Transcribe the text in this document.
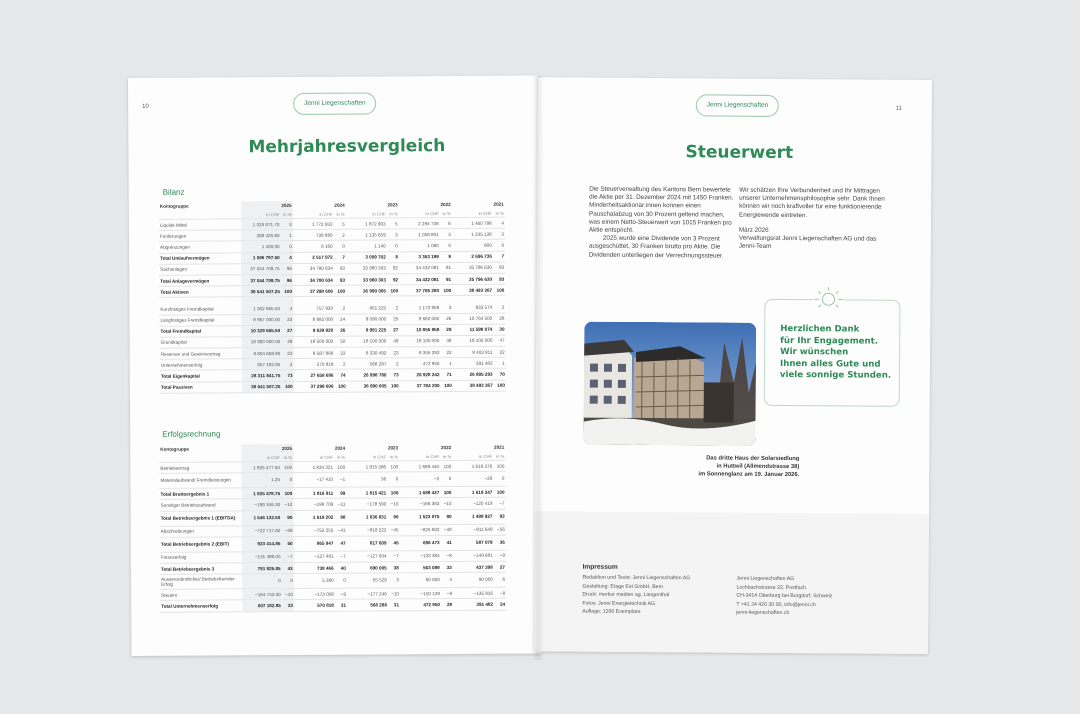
10	Jenni Liegenschaften
Mehrjahresvergleich
Bilanz
Kontogruppe		2025		2024		2023		2022		2021
	in CHF	in %	in CHF	in %	in CHF	in %	in CHF	in %	in CHF	in %
Liquide Mittel	1 326 871.70	3	1 772 932	5	1 872 903	5	2 294 738	6	1 460 798	4
Forderungen	368 425.80	1	738 880	2	1 135 659	3	1 058 801	3	1 235 138	3
Abgrenzungen	1 400.00	0	6 160	0	1 140	0	1 080	0	800	0
Total Umlaufvermögen	1 596 797.50	4	2 517 972	7	3 009 702	8	3 353 199	9	2 696 736	7
Sachanlagen	37 044 709.75	96	34 780 634	93	33 980 303	92	34 432 081	91	35 796 630	93
Total Anlagevermögen	37 044 709.75	96	34 780 634	93	33 980 303	92	34 432 081	91	35 796 630	93
Total Aktiven	38 641 507.25	100	37 298 606	100	36 990 005	100	37 785 280	100	38 493 367	100

Kurzfristiges Fremdkapital	1 362 665.50	4	757 920	2	901 225	2	1 173 958	3	833 574	2
Langfristiges Fremdkapital	8 967 000.00	23	8 882 000	24	9 090 000	25	9 682 000	26	10 764 500	28
Total Fremdkapital	10 329 665.50	27	9 639 920	26	9 991 225	27	10 855 958	29	11 598 074	30
Grundkapital	18 900 000.00	49	18 500 000	50	18 100 000	49	18 100 000	48	18 100 000	47
Reserven und Gewinnvortrag	8 804 658.90	23	8 587 868	23	8 330 492	23	8 355 293	22	8 403 811	22
Unternehmenserfolg	607 182.85	2	570 818	2	568 287	2	472 950	1	391 482	1
Total Eigenkapital	28 311 841.75	73	27 658 686	74	26 998 780	73	26 928 242	71	26 895 293	70
Total Passiven	38 641 507.25	100	37 298 606	100	36 990 005	100	37 784 200	100	38 493 367	100
Erfolgsrechnung
Kontogruppe		2025		2024		2023		2022		2021
	in CHF	in %	in CHF	in %	in CHF	in %	in CHF	in %	in CHF	in %
Betriebsertrag	1 835 477.50	100	1 834 321	100	1 815 386	100	1 689 440	100	1 619 376	100
Materialaufwand/ Fremdleistungen	1.25	0	−17 410	−1	36	0	−2	0	−29	0
Total Bruttoergebnis 1	1 835 478.75	100	1 816 911	99	1 815 421	100	1 689 437	100	1 619 347	100
Sonstiger Betriebsaufwand	−189 346.30	−10	−198 709	−11	−178 590	−10	−166 363	−10	−120 419	−7
Total Betriebsergebnis 1 (EBITDA)	1 646 132.50	90	1 618 202	88	1 636 831	90	1 523 075	90	1 498 927	93
Abschreibungen	−722 717.60	−39	−752 255	−41	−818 222	−45	−826 602	−49	−911 649	−56
Total Betriebsergebnis 2 (EBIT)	923 414.85	50	865 947	47	817 609	45	696 473	41	587 079	36
Finanzerfolg	−131 489.00	−7	−127 481	−7	−127 604	−7	−133 384	−8	−149 681	−9
Total Betriebsergebnis 3	791 925.85	43	738 466	40	690 005	38	563 089	33	437 398	27
Ausserordentlicher/ Betriebsfremder Erfolg	0	0	5 360	0	55 529	3	60 000	4	90 000	6
Steuern	−184 743.00	−10	−173 008	−9	−177 246	−10	−150 139	−9	−135 916	−8
Total Unternehmenserfolg	607 182.85	33	570 818	31	568 288	31	472 950	28	391 482	24
Jenni Liegenschaften	11
Steuerwert
Die Steuerverwaltung des Kantons Bern bewertete die Aktie per 31. Dezember 2024 mit 1450 Franken. Minderheitsaktionär:innen konnen einen Pauschalabzug von 30 Prozent geltend machen, was einem Netto-Steuerwert von 1015 Franken pro Aktie entspricht.
2025 wurde eine Dividende von 3 Prozent ausgeschüttet, 30 Franken brutto pro Aktie. Die Dividenden unterliegen der Verrechnungssteuer.
Wir schätzen Ihre Verbundenheit und Ihr Mittragen unserer Unternehmensphilosophie sehr. Dank Ihnen können wir noch kraftvoller für eine funktionierende Energiewende eintreten.
März 2026
Verwaltungsrat Jenni Liegenschaften AG und das
Jenni-Team
Herzlichen Dank
für Ihr Engagement.
Wir wünschen
Ihnen alles Gute und
viele sonnige Stunden.
Das dritte Haus der Solarsiedlung
in Huttwil (Allmendstrasse 38)
im Sonnenglanz am 19. Januar 2026.
Impressum
Redaktion und Texte: Jenni Liegenschaften AG
Gestaltung: Etage Est GmbH, Bern
Druck: merkur medien ag, Langenthal
Fotos: Jenni Energietechnik AG
Auflage: 1200 Exemplare
Jenni Liegenschaften AG
Lochbachstrasse 22, Postfach
CH-3414 Oberburg bei Burgdorf, Schweiz
T +41 34 420 30 00, info@jenni.ch
jenni-liegenschaften.ch
